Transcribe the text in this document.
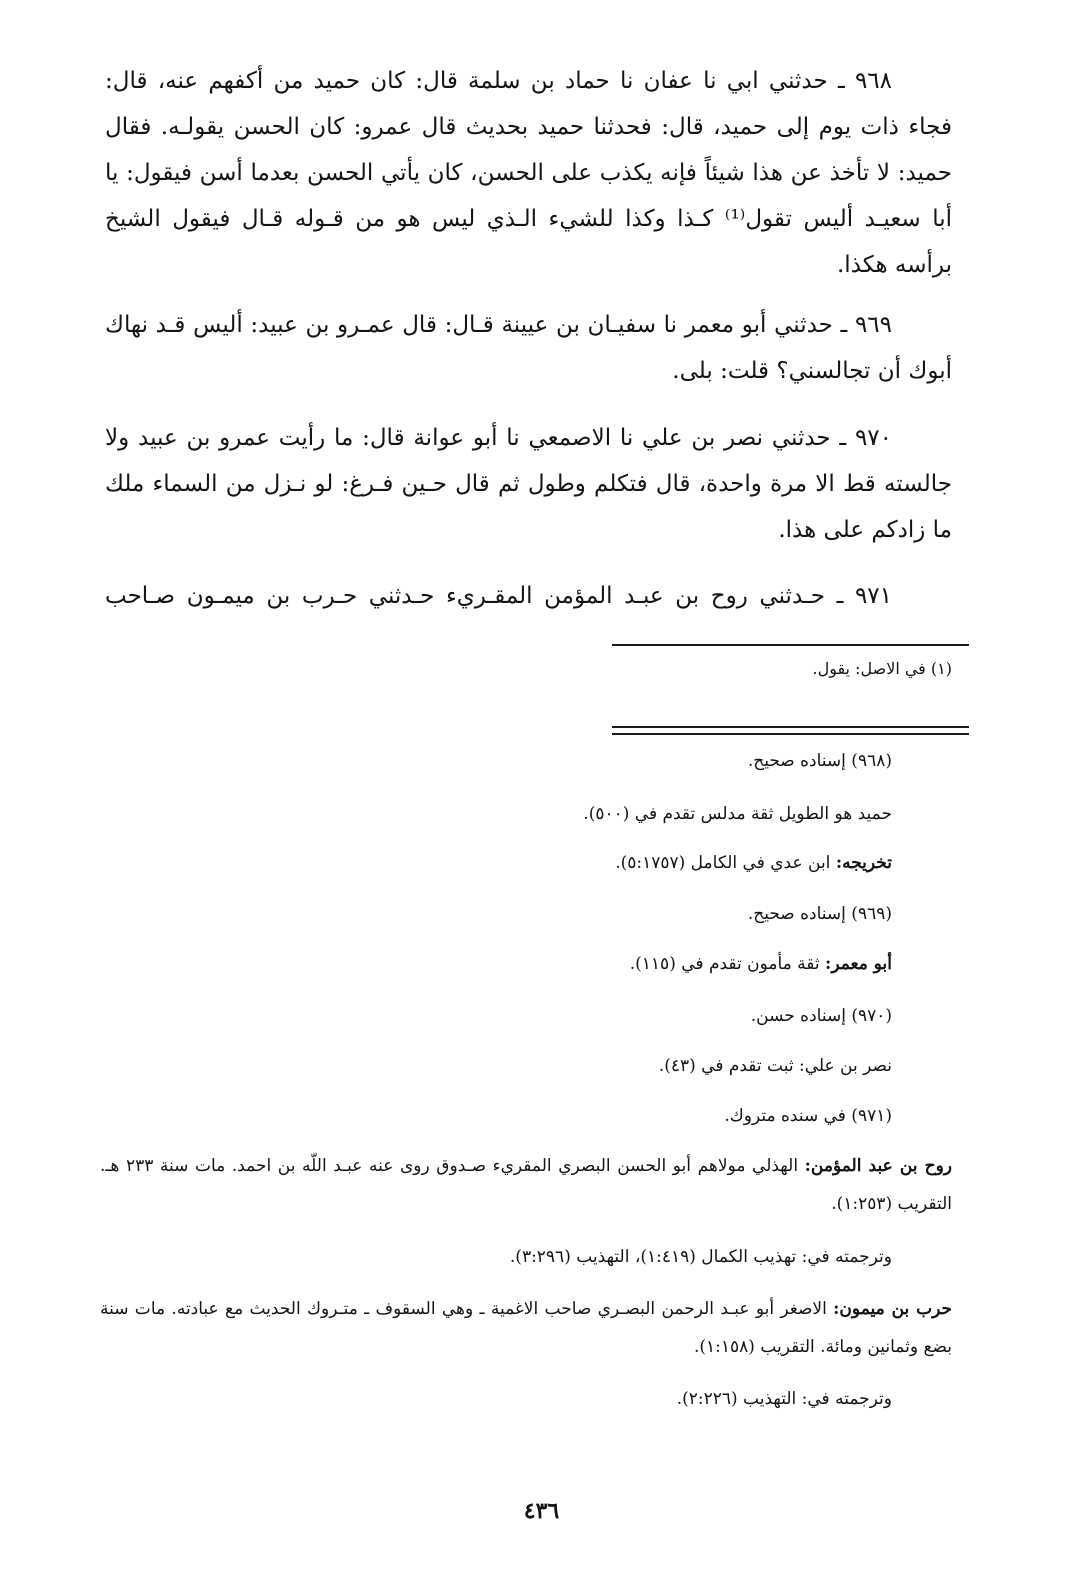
٩٦٨ ـ حدثني ابي نا عفان نا حماد بن سلمة قال: كان حميد من أكفهم عنه، قال: فجاء ذات يوم إلى حميد، قال: فحدثنا حميد بحديث قال عمرو: كان الحسن يقولـه. فقال حميد: لا تأخذ عن هذا شيئاً فإنه يكذب على الحسن، كان يأتي الحسن بعدما أسن فيقول: يا أبا سعيـد أليس تقول⁽¹⁾ كـذا وكذا للشيء الـذي ليس هو من قـوله قـال فيقول الشيخ برأسه هكذا.

٩٦٩ ـ حدثني أبو معمر نا سفيـان بن عيينة قـال: قال عمـرو بن عبيد: أليس قـد نهاك أبوك أن تجالسني؟ قلت: بلى.

٩٧٠ ـ حدثني نصر بن علي نا الاصمعي نا أبو عوانة قال: ما رأيت عمرو بن عبيد ولا جالسته قط الا مرة واحدة، قال فتكلم وطول ثم قال حـين فـرغ: لو نـزل من السماء ملك ما زادكم على هذا.

٩٧١ ـ حـدثني روح بن عبـد المؤمن المقـريء حـدثني حـرب بن ميمـون صـاحب

(١) في الاصل: يقول.

(٩٦٨) إسناده صحيح.

حميد هو الطويل ثقة مدلس تقدم في (٥٠٠).

تخريجه: ابن عدي في الكامل (٥:١٧٥٧).

(٩٦٩) إسناده صحيح.

أبو معمر: ثقة مأمون تقدم في (١١٥).

(٩٧٠) إسناده حسن.

نصر بن علي: ثبت تقدم في (٤٣).

(٩٧١) في سنده متروك.

روح بن عبد المؤمن: الهذلي مولاهم أبو الحسن البصري المقريء صـدوق روى عنه عبـد اللّه بن احمد. مات سنة ٢٣٣ هـ. التقريب (١:٢٥٣).

وترجمته في: تهذيب الكمال (١:٤١٩)، التهذيب (٣:٢٩٦).

حرب بن ميمون: الاصغر أبو عبـد الرحمن البصـري صاحب الاغمية ـ وهي السقوف ـ متـروك الحديث مع عبادته. مات سنة بضع وثمانين ومائة. التقريب (١:١٥٨).

وترجمته في: التهذيب (٢:٢٢٦).

٤٣٦
